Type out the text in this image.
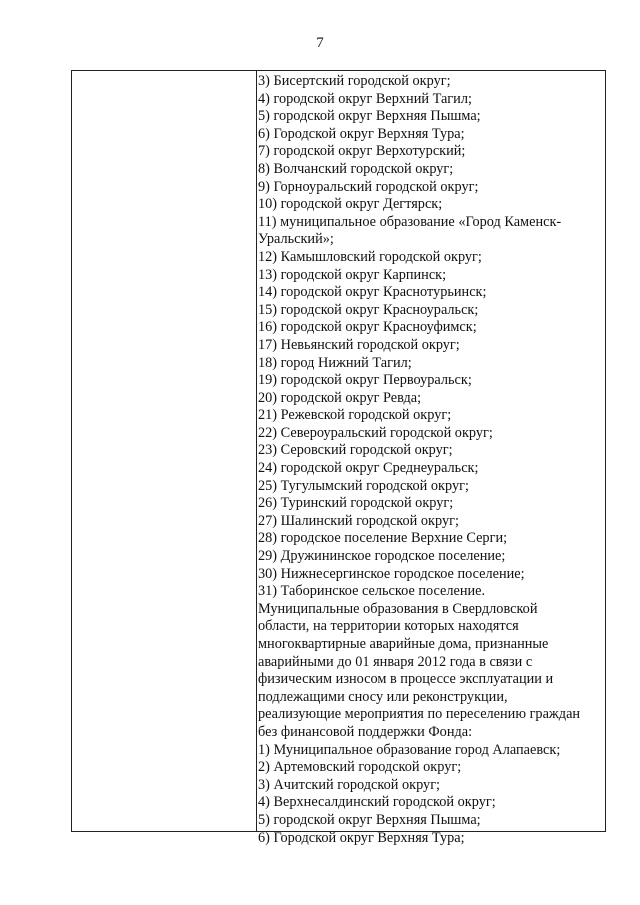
7
3) Бисертский городской округ;
4) городской округ Верхний Тагил;
5) городской округ Верхняя Пышма;
6) Городской округ Верхняя Тура;
7) городской округ Верхотурский;
8) Волчанский городской округ;
9) Горноуральский городской округ;
10) городской округ Дегтярск;
11) муниципальное образование «Город Каменск-
Уральский»;
12) Камышловский городской округ;
13) городской округ Карпинск;
14) городской округ Краснотурьинск;
15) городской округ Красноуральск;
16) городской округ Красноуфимск;
17) Невьянский городской округ;
18) город Нижний Тагил;
19) городской округ Первоуральск;
20) городской округ Ревда;
21) Режевской городской округ;
22) Североуральский городской округ;
23) Серовский городской округ;
24) городской округ Среднеуральск;
25) Тугулымский городской округ;
26) Туринский городской округ;
27) Шалинский городской округ;
28) городское поселение Верхние Серги;
29) Дружининское городское поселение;
30) Нижнесергинское городское поселение;
31) Таборинское сельское поселение.
Муниципальные образования в Свердловской
области, на территории которых находятся
многоквартирные аварийные дома, признанные
аварийными до 01 января 2012 года в связи с
физическим износом в процессе эксплуатации и
подлежащими сносу или реконструкции,
реализующие мероприятия по переселению граждан
без финансовой поддержки Фонда:
1) Муниципальное образование город Алапаевск;
2) Артемовский городской округ;
3) Ачитский городской округ;
4) Верхнесалдинский городской округ;
5) городской округ Верхняя Пышма;
6) Городской округ Верхняя Тура;
